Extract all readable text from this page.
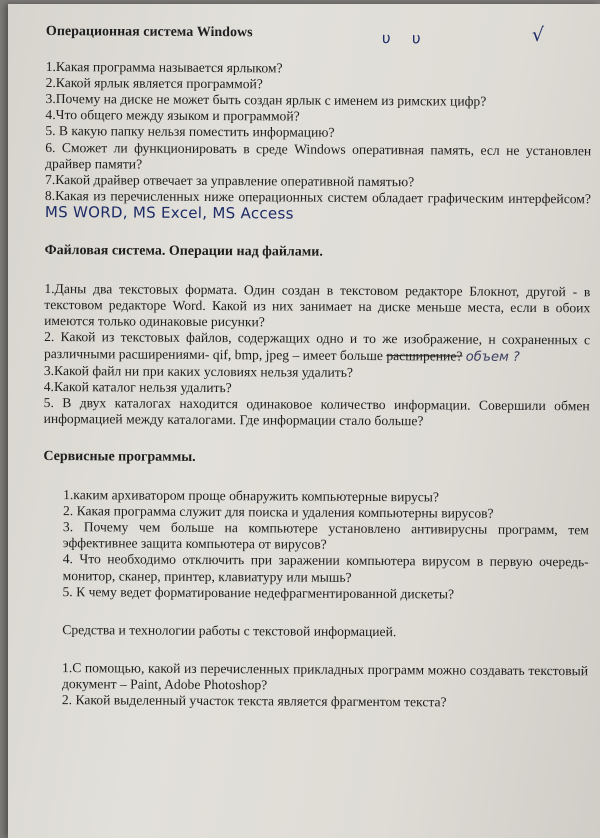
υ υ	√

Операционная система Windows

1.Какая программа называется ярлыком?

2.Какой ярлык является программой?

3.Почему на диске не может быть создан ярлык с именем из римских цифр?

4.Что общего между языком и программой?

5. В какую папку нельзя поместить информацию?

6. Сможет ли функционировать в среде Windows оперативная память, есл не установлен драйвер памяти?

7.Какой драйвер отвечает за управление оперативной памятью?

8.Какая из перечисленных ниже операционных систем обладает графическим интерфейсом? MS WORD, MS Excel, MS Access

Файловая система. Операции над файлами.

1.Даны два текстовых формата. Один создан в текстовом редакторе Блокнот, другой - в текстовом редакторе Word. Какой из них занимает на диске меньше места, если в обоих имеются только одинаковые рисунки?

2. Какой из текстовых файлов, содержащих одно и то же изображение, н сохраненных с различными расширениями- qif, bmp, jpeg – имеет больше расширение? объем ?

3.Какой файл ни при каких условиях нельзя удалить?

4.Какой каталог нельзя удалить?

5. В двух каталогах находится одинаковое количество информации. Совершили обмен информацией между каталогами. Где информации стало больше?

Сервисные программы.

1.каким архиватором проще обнаружить компьютерные вирусы?

2. Какая программа служит для поиска и удаления компьютерны вирусов?

3. Почему чем больше на компьютере установлено антивирусны программ, тем эффективнее защита компьютера от вирусов?

4. Что необходимо отключить при заражении компьютера вирусом в первую очередь- монитор, сканер, принтер, клавиатуру или мышь?

5. К чему ведет форматирование недефрагментированной дискеты?

Средства и технологии работы с текстовой информацией.

1.С помощью, какой из перечисленных прикладных программ можно создавать текстовый документ – Paint, Adobe Photoshop?

2. Какой выделенный участок текста является фрагментом текста?
